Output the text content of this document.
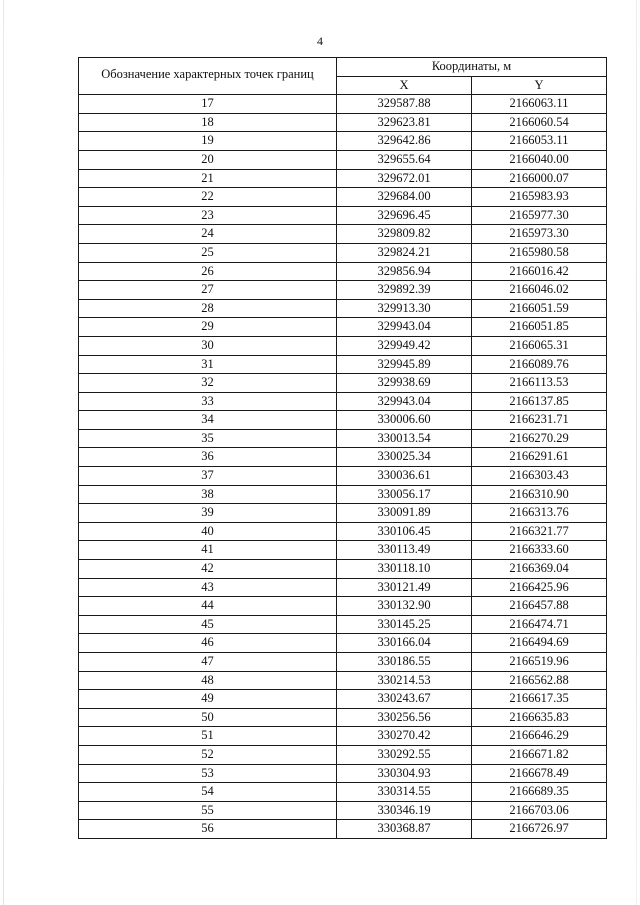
4
Обозначение характерных точек границ	Координаты, м	
	X	Y
17	329587.88	2166063.11
18	329623.81	2166060.54
19	329642.86	2166053.11
20	329655.64	2166040.00
21	329672.01	2166000.07
22	329684.00	2165983.93
23	329696.45	2165977.30
24	329809.82	2165973.30
25	329824.21	2165980.58
26	329856.94	2166016.42
27	329892.39	2166046.02
28	329913.30	2166051.59
29	329943.04	2166051.85
30	329949.42	2166065.31
31	329945.89	2166089.76
32	329938.69	2166113.53
33	329943.04	2166137.85
34	330006.60	2166231.71
35	330013.54	2166270.29
36	330025.34	2166291.61
37	330036.61	2166303.43
38	330056.17	2166310.90
39	330091.89	2166313.76
40	330106.45	2166321.77
41	330113.49	2166333.60
42	330118.10	2166369.04
43	330121.49	2166425.96
44	330132.90	2166457.88
45	330145.25	2166474.71
46	330166.04	2166494.69
47	330186.55	2166519.96
48	330214.53	2166562.88
49	330243.67	2166617.35
50	330256.56	2166635.83
51	330270.42	2166646.29
52	330292.55	2166671.82
53	330304.93	2166678.49
54	330314.55	2166689.35
55	330346.19	2166703.06
56	330368.87	2166726.97
